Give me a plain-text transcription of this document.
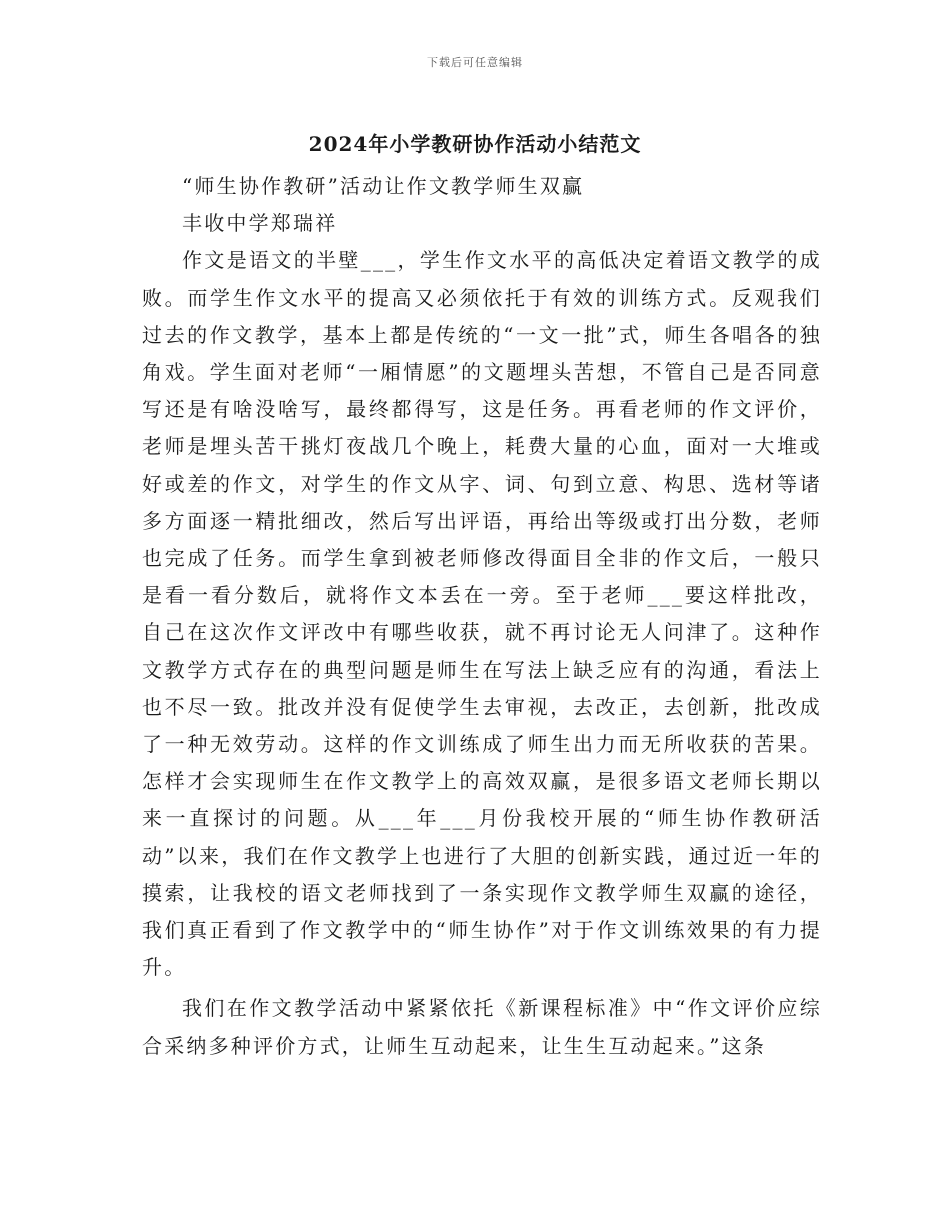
下载后可任意编辑
2024年小学教研协作活动小结范文

“师生协作教研”活动让作文教学师生双赢

丰收中学郑瑞祥

作文是语文的半壁___，学生作文水平的高低决定着语文教学的成败。而学生作文水平的提高又必须依托于有效的训练方式。反观我们过去的作文教学，基本上都是传统的“一文一批”式，师生各唱各的独角戏。学生面对老师“一厢情愿”的文题埋头苦想，不管自己是否同意写还是有啥没啥写，最终都得写，这是任务。再看老师的作文评价，老师是埋头苦干挑灯夜战几个晚上，耗费大量的心血，面对一大堆或好或差的作文，对学生的作文从字、词、句到立意、构思、选材等诸多方面逐一精批细改，然后写出评语，再给出等级或打出分数，老师也完成了任务。而学生拿到被老师修改得面目全非的作文后，一般只是看一看分数后，就将作文本丢在一旁。至于老师___要这样批改，自己在这次作文评改中有哪些收获，就不再讨论无人问津了。这种作文教学方式存在的典型问题是师生在写法上缺乏应有的沟通，看法上也不尽一致。批改并没有促使学生去审视，去改正，去创新，批改成了一种无效劳动。这样的作文训练成了师生出力而无所收获的苦果。怎样才会实现师生在作文教学上的高效双赢，是很多语文老师长期以来一直探讨的问题。从___年___月份我校开展的“师生协作教研活动”以来，我们在作文教学上也进行了大胆的创新实践，通过近一年的摸索，让我校的语文老师找到了一条实现作文教学师生双赢的途径，我们真正看到了作文教学中的“师生协作”对于作文训练效果的有力提升。

我们在作文教学活动中紧紧依托《新课程标准》中“作文评价应综合采纳多种评价方式，让师生互动起来，让生生互动起来。”这条
